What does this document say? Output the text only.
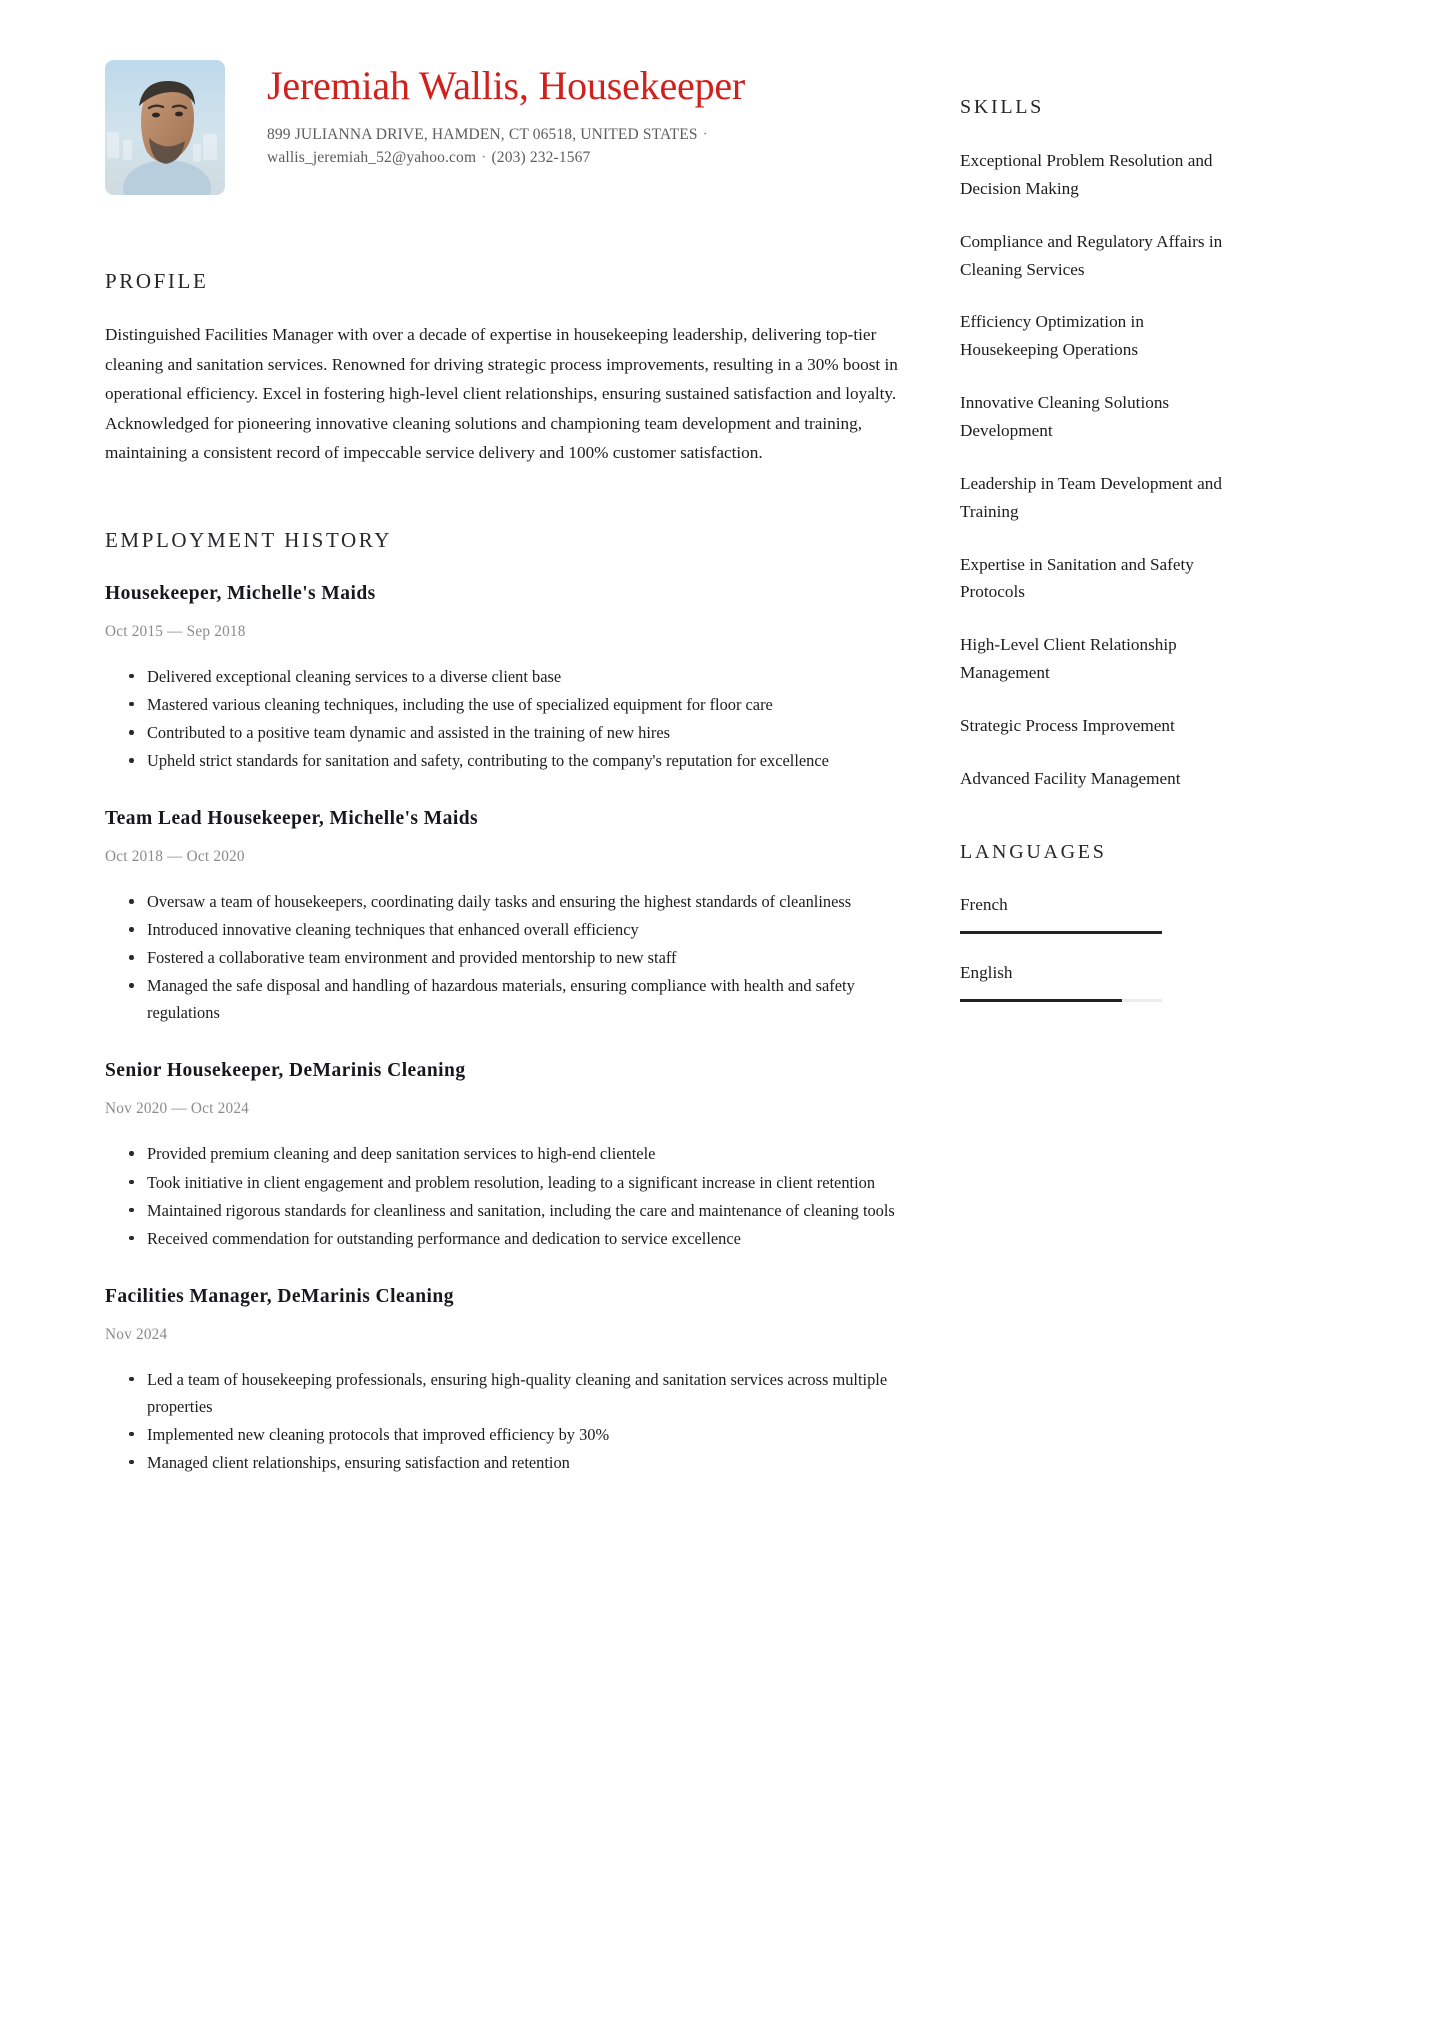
Jeremiah Wallis, Housekeeper
899 JULIANNA DRIVE, HAMDEN, CT 06518, UNITED STATES ·
wallis_jeremiah_52@yahoo.com · (203) 232-1567
PROFILE
Distinguished Facilities Manager with over a decade of expertise in housekeeping leadership, delivering top-tier cleaning and sanitation services. Renowned for driving strategic process improvements, resulting in a 30% boost in operational efficiency. Excel in fostering high-level client relationships, ensuring sustained satisfaction and loyalty. Acknowledged for pioneering innovative cleaning solutions and championing team development and training, maintaining a consistent record of impeccable service delivery and 100% customer satisfaction.
EMPLOYMENT HISTORY
Housekeeper, Michelle's Maids
Oct 2015 — Sep 2018
Delivered exceptional cleaning services to a diverse client base
Mastered various cleaning techniques, including the use of specialized equipment for floor care
Contributed to a positive team dynamic and assisted in the training of new hires
Upheld strict standards for sanitation and safety, contributing to the company's reputation for excellence
Team Lead Housekeeper, Michelle's Maids
Oct 2018 — Oct 2020
Oversaw a team of housekeepers, coordinating daily tasks and ensuring the highest standards of cleanliness
Introduced innovative cleaning techniques that enhanced overall efficiency
Fostered a collaborative team environment and provided mentorship to new staff
Managed the safe disposal and handling of hazardous materials, ensuring compliance with health and safety regulations
Senior Housekeeper, DeMarinis Cleaning
Nov 2020 — Oct 2024
Provided premium cleaning and deep sanitation services to high-end clientele
Took initiative in client engagement and problem resolution, leading to a significant increase in client retention
Maintained rigorous standards for cleanliness and sanitation, including the care and maintenance of cleaning tools
Received commendation for outstanding performance and dedication to service excellence
Facilities Manager, DeMarinis Cleaning
Nov 2024
Led a team of housekeeping professionals, ensuring high-quality cleaning and sanitation services across multiple properties
Implemented new cleaning protocols that improved efficiency by 30%
Managed client relationships, ensuring satisfaction and retention
SKILLS
Exceptional Problem Resolution and Decision Making
Compliance and Regulatory Affairs in Cleaning Services
Efficiency Optimization in Housekeeping Operations
Innovative Cleaning Solutions Development
Leadership in Team Development and Training
Expertise in Sanitation and Safety Protocols
High-Level Client Relationship Management
Strategic Process Improvement
Advanced Facility Management
LANGUAGES
French
English
